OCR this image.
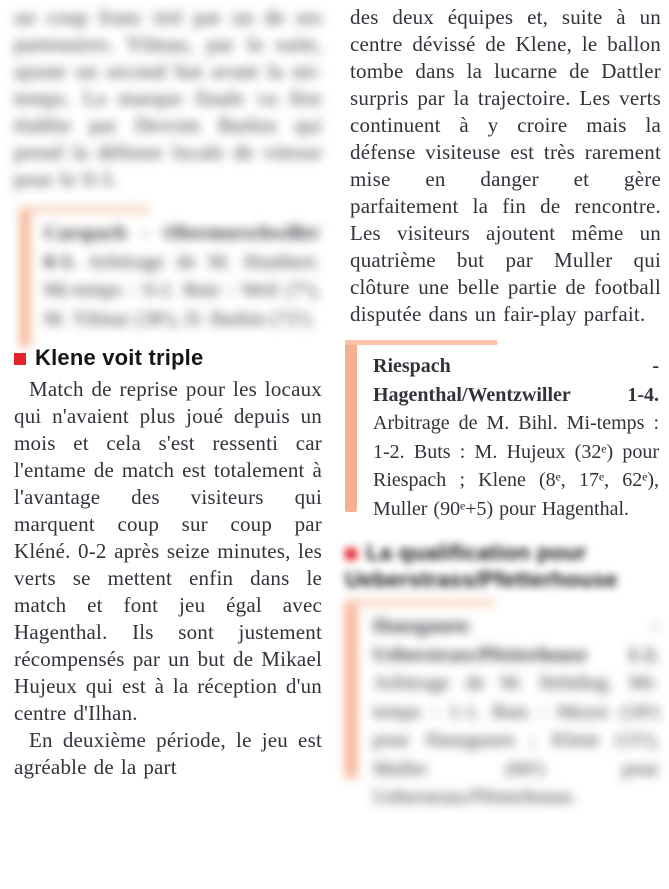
un coup franc tiré par un de ses partenaires. Yilmaz, par la suite, ajoute un second but avant la mi-temps. La marque finale va être établie par Devrim Barkin qui prend la défense locale de vitesse pour le 0-3.

Carspach - Obermorschwiller 0-3. Arbitrage de M. Humbert. Mi-temps : 0-2. Buts : Weil (7ᵉ), M. Yilmaz (38ᵉ), D. Barkin (72ᵉ).

Klene voit triple

Match de reprise pour les locaux qui n'avaient plus joué depuis un mois et cela s'est ressenti car l'entame de match est totalement à l'avantage des visiteurs qui marquent coup sur coup par Kléné. 0-2 après seize minutes, les verts se mettent enfin dans le match et font jeu égal avec Hagenthal. Ils sont justement récompensés par un but de Mikael Hujeux qui est à la réception d'un centre d'Ilhan.

En deuxième période, le jeu est agréable de la part

des deux équipes et, suite à un centre dévissé de Klene, le ballon tombe dans la lucarne de Dattler surpris par la trajectoire. Les verts continuent à y croire mais la défense visiteuse est très rarement mise en danger et gère parfaitement la fin de rencontre. Les visiteurs ajoutent même un quatrième but par Muller qui clôture une belle partie de football disputée dans un fair-play parfait.

Riespach - Hagenthal/Wentzwiller 1-4. Arbitrage de M. Bihl. Mi-temps : 1-2. Buts : M. Hujeux (32ᵉ) pour Riespach ; Klene (8ᵉ, 17ᵉ, 62ᵉ), Muller (90ᵉ+5) pour Hagenthal.

La qualification pour Ueberstrass/Pfetterhouse

Hausgauen - Ueberstrass/Pfetterhouse 1-2. Arbitrage de M. Hebding. Mi-temps : 1-1. Buts : Meyer (18ᵉ) pour Hausgauen ; Klene (15ᵉ), Muller (60ᵉ) pour Ueberstrass/Pfetterhouse.
